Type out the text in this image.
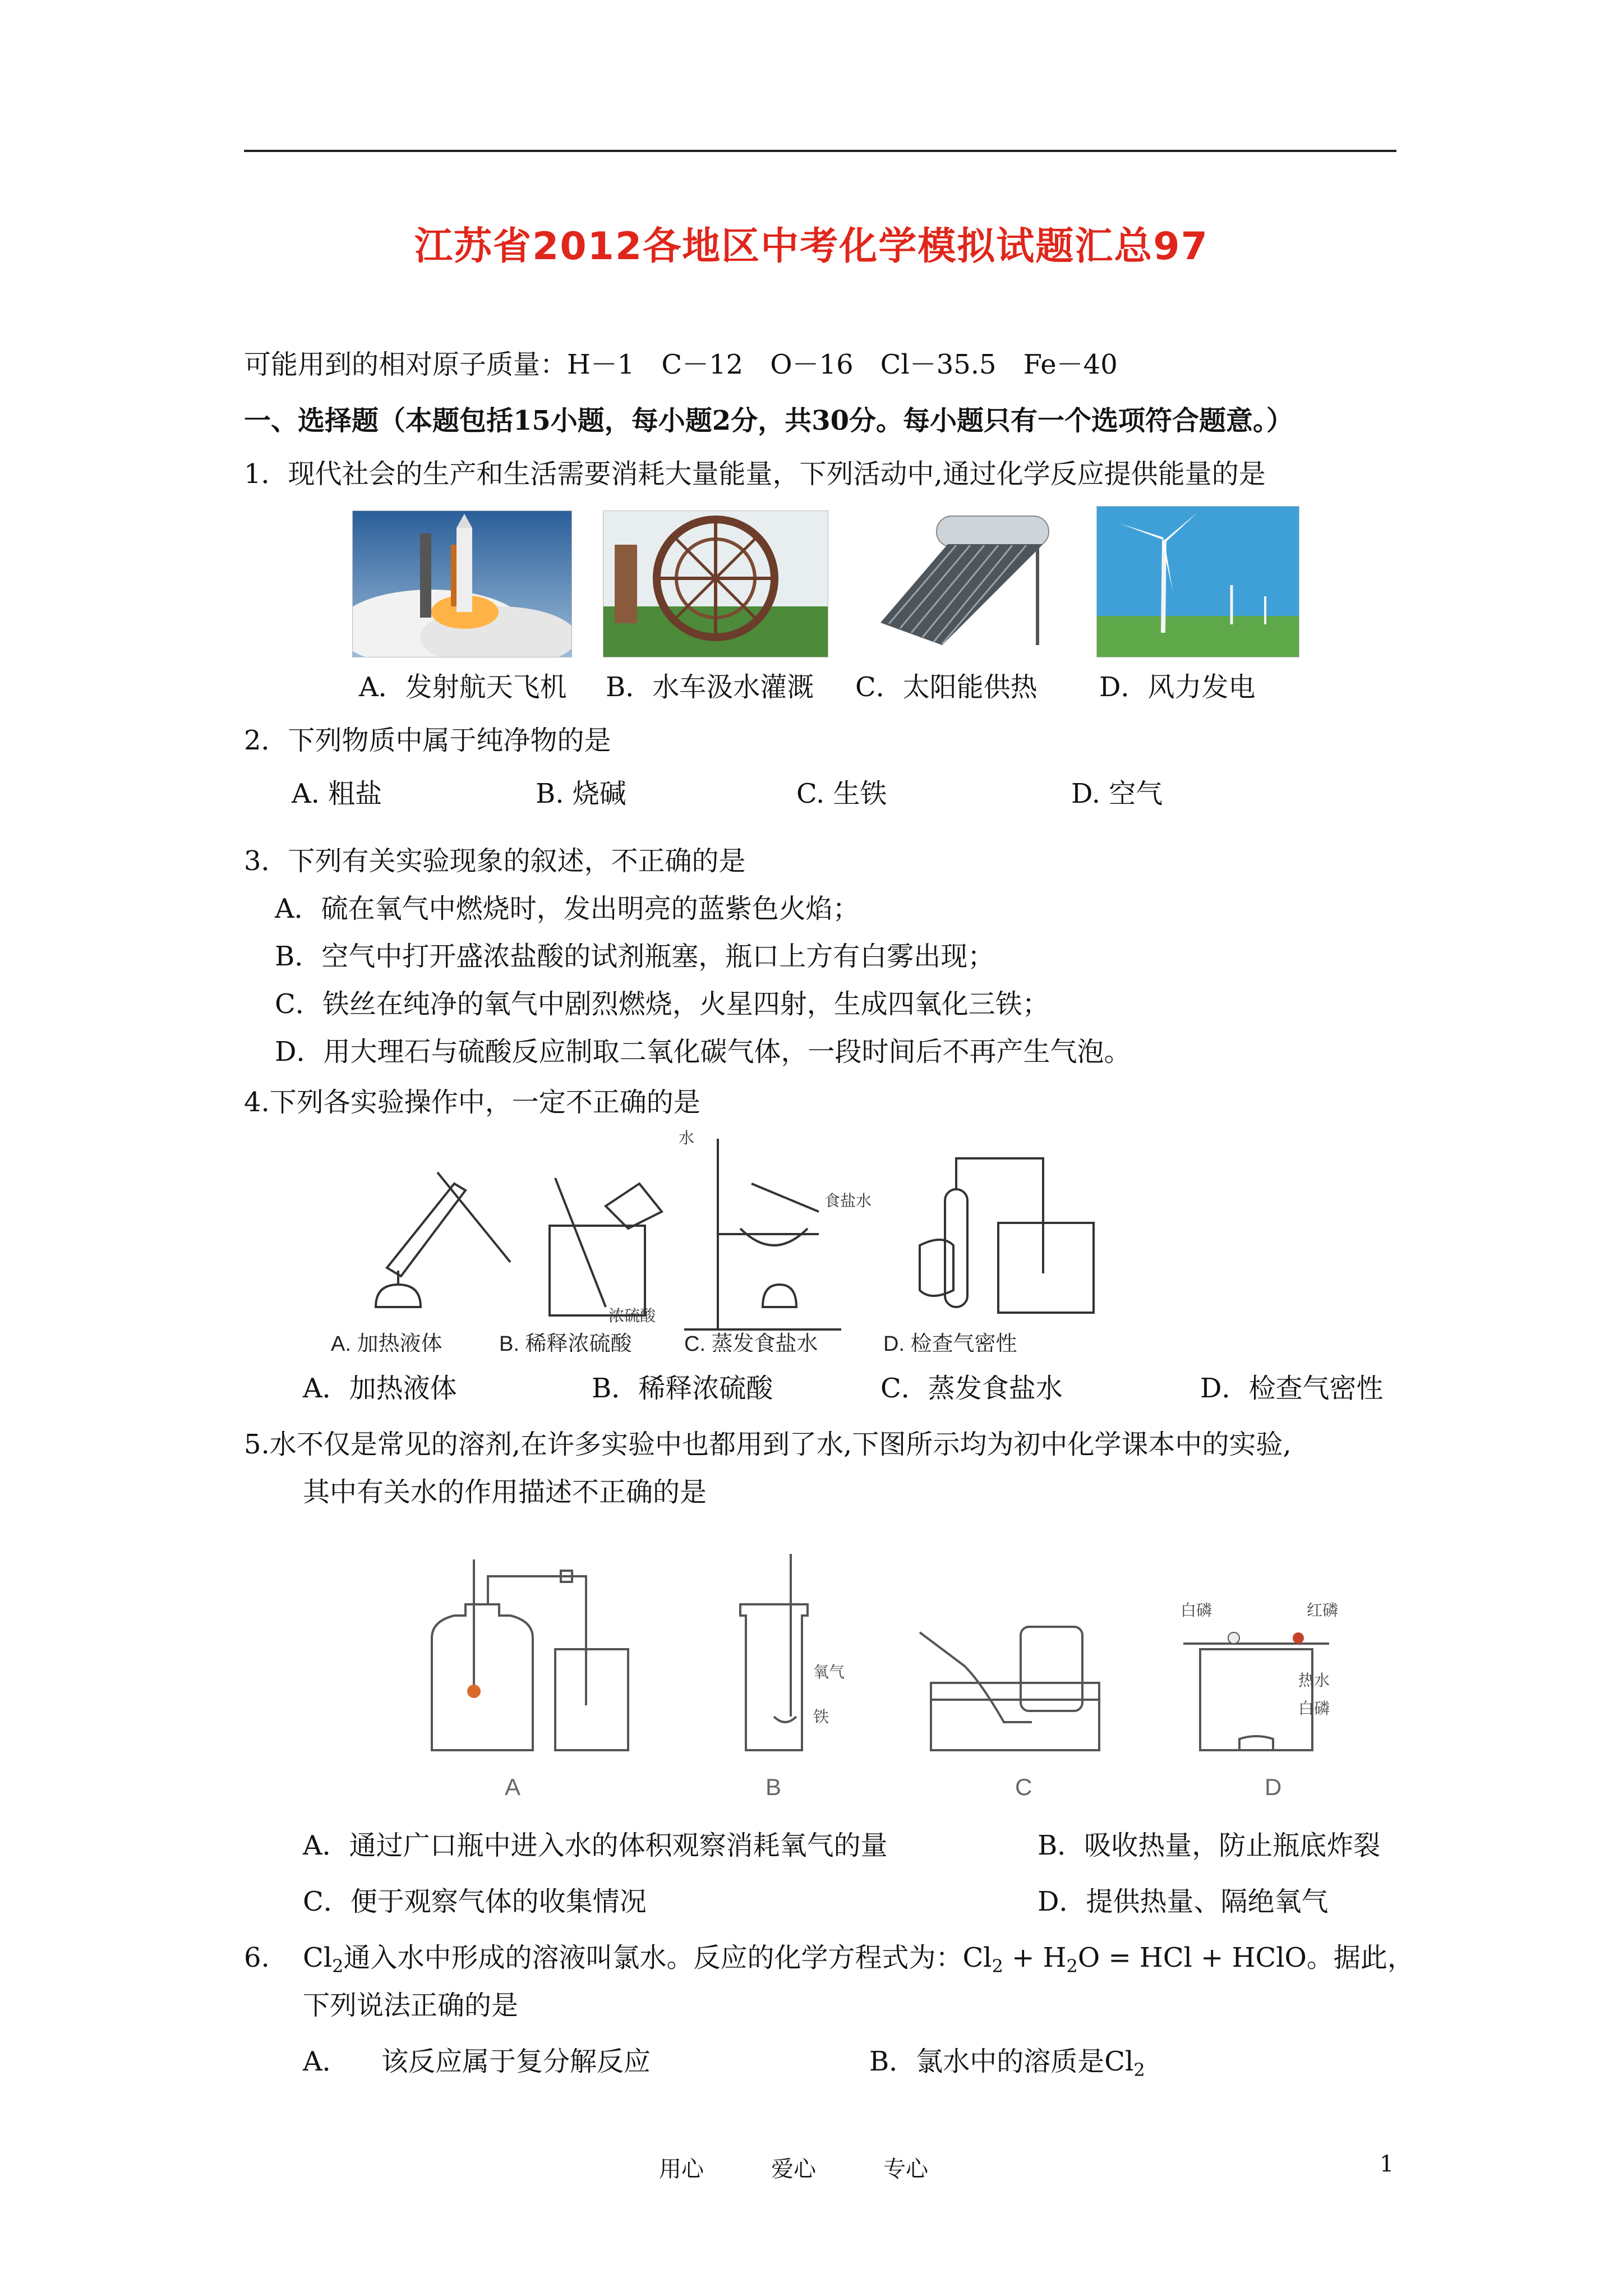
江苏省2012各地区中考化学模拟试题汇总97
可能用到的相对原子质量：H－1　C－12　O－16　Cl－35.5　Fe－40
一、选择题（本题包括15小题，每小题2分，共30分。每小题只有一个选项符合题意。）
1．现代社会的生产和生活需要消耗大量能量，下列活动中,通过化学反应提供能量的是
A．发射航天飞机 B．水车汲水灌溉 C．太阳能供热 D．风力发电
2．下列物质中属于纯净物的是
A. 粗盐	B. 烧碱	C. 生铁	D. 空气
3．下列有关实验现象的叙述，不正确的是
A．硫在氧气中燃烧时，发出明亮的蓝紫色火焰；
B．空气中打开盛浓盐酸的试剂瓶塞，瓶口上方有白雾出现；
C．铁丝在纯净的氧气中剧烈燃烧，火星四射，生成四氧化三铁；
D．用大理石与硫酸反应制取二氧化碳气体，一段时间后不再产生气泡。
4.下列各实验操作中，一定不正确的是
水
浓硫酸
食盐水
A. 加热液体	B. 稀释浓硫酸 C. 蒸发食盐水	D. 检查气密性
A．加热液体	B．稀释浓硫酸	C．蒸发食盐水	D．检查气密性
5.水不仅是常见的溶剂,在许多实验中也都用到了水,下图所示均为初中化学课本中的实验,
其中有关水的作用描述不正确的是
氧气
铁
白磷	红磷
热水
白磷
A	B	C	D
A．通过广口瓶中进入水的体积观察消耗氧气的量	B．吸收热量，防止瓶底炸裂
C．便于观察气体的收集情况	D．提供热量、隔绝氧气
6. $Cl_2$通入水中形成的溶液叫氯水。反应的化学方程式为：$Cl_2 + H_2O$ = HCl + HClO。据此，
下列说法正确的是
A． 该反应属于复分解反应	B．氯水中的溶质是$Cl_2$
用心	爱心	专心	1
